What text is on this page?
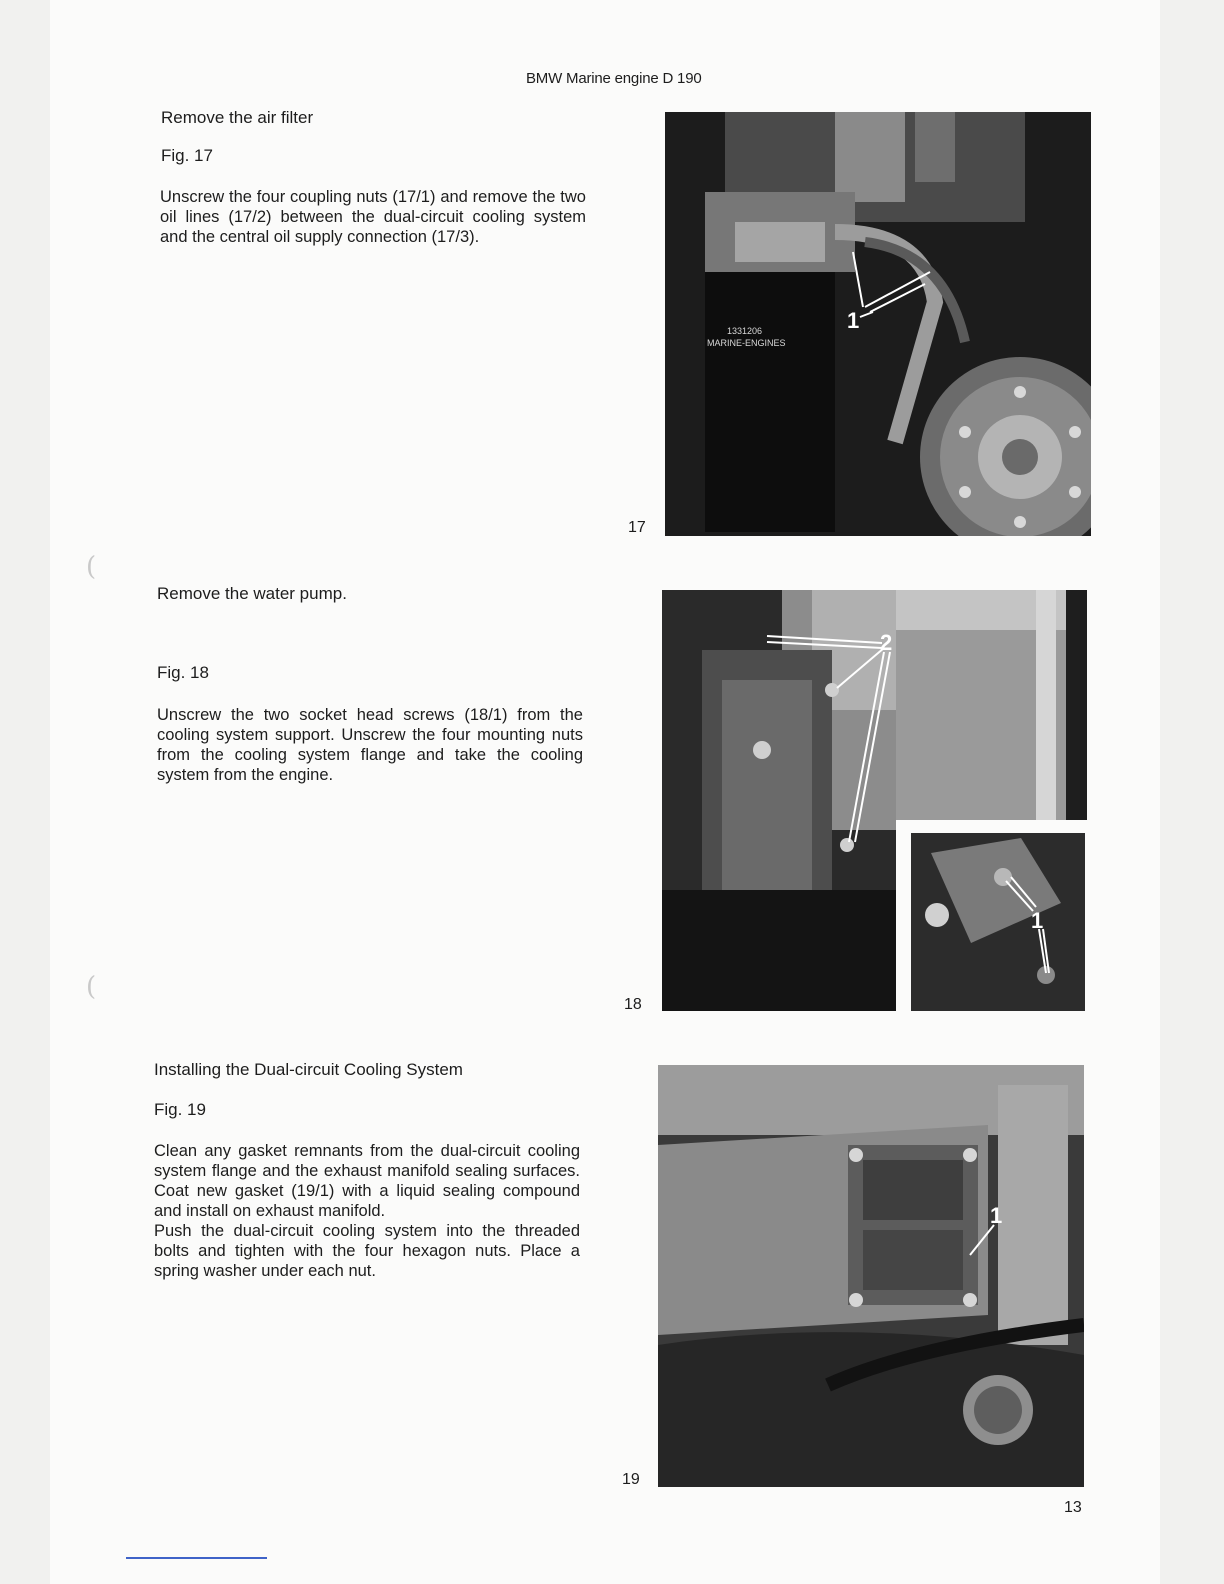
(
(
BMW Marine engine D 190
Remove the air filter
Fig. 17
Unscrew the four coupling nuts (17/1) and remove the two oil lines (17/2) between the dual-circuit cooling system and the central oil supply connection (17/3).
17
1
1331206
MARINE-ENGINES
Remove the water pump.
Fig. 18
Unscrew the two socket head screws (18/1) from the cooling system support. Unscrew the four mounting nuts from the cooling system flange and take the cooling system from the engine.
18
2
1
Installing the Dual-circuit Cooling System
Fig. 19
Clean any gasket remnants from the dual-circuit cooling system flange and the exhaust manifold sealing surfaces. Coat new gasket (19/1) with a liquid sealing compound and install on exhaust manifold.
Push the dual-circuit cooling system into the threaded bolts and tighten with the four hexagon nuts. Place a spring washer under each nut.
19
1
13
